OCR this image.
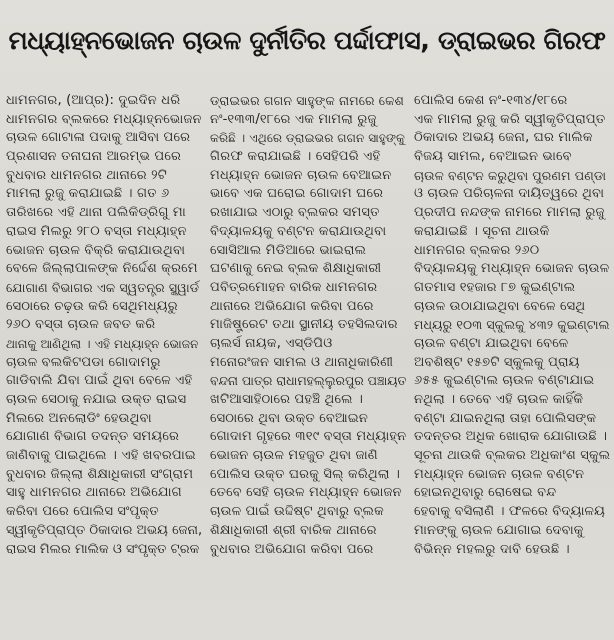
ମଧ୍ୟାହ୍ନଭୋଜନ ଚାଉଳ ଦୁର୍ନୀତିର ପର୍ଦ୍ଦାଫାସ, ଡ୍ରାଇଭର ଗିରଫ
ଧାମନଗର, (ଆପ୍ର): ଦୁଇଦିନ ଧରି
ଧାମନଗର ବ୍ଲକରେ ମଧ୍ୟାହ୍ନଭୋଜନ
ଚାଉଳ ଗୋଟାଳା ପଦାକୁ ଆସିବା ପରେ
ପ୍ରଶାସନ ତନାଘନା ଆରମ୍ଭ ପରେ
ବୁଧବାର ଧାମନଗର ଥାନାରେ ୨ଟି
ମାମଲା ରୁଜୁ କରାଯାଇଛି । ଗତ ୬
ତାରିଖରେ ଏହି ଥାନା ପଲିକିଡ୍ରିଗୁ ମା
ରାଇସ ମିଲରୁ ୨୮୦ ବସ୍ତା ମଧ୍ୟାହ୍ନ
ଭୋଜନ ଚାଉଳ ବିକ୍ରି କରାଯାଉଥିବା
ବେଳେ ଜିଲ୍ଲାପାଳଙ୍କ ନିର୍ଦ୍ଦେଶ କ୍ରମେ
ଯୋଗାଣ ବିଭାଗର ଏକ ସ୍ୱତନ୍ତ୍ର ସ୍କ୍ୱାର୍ଡ
ସେଠାରେ ଚଢ଼ଉ କରି ସେଥିମଧ୍ୟରୁ
୨୬୦ ବସ୍ତା ଚାଉଳ ଜବତ କରି
ଥାନାକୁ ଆଣିଥିଲା । ଏହି ମଧ୍ୟାହ୍ନ ଭୋଜନ
ଚାଉଳ ବଲକିଟପଡା ଗୋଦାମରୁ
ଗାଡିବାଲି ଯିବା ପାଇଁ ଥିବା ବେଳେ ଏହି
ଚାଉଳ ସେଠାକୁ ନଯାଇ ଉକ୍ତ ରାଇସ
ମିଲରେ ଅନଲୋଡିଂ ହେଉଥିବା
ଯୋଗାଣ ବିଭାଗ ତଦନ୍ତ ସମୟରେ
ଜାଣିବାକୁ ପାଇଥିଲେ । ଏହି ଖବରପାଇ
ବୁଧବାର ଜିଲ୍ଲା ଶିକ୍ଷାଧିକାରୀ ସଂଗ୍ରାମ
ସାହୁ ଧାମନଗର ଥାନାରେ ଅଭିଯୋଗ
କରିବା ପରେ ପୋଲିସ ସଂପୃକ୍ତ
ସ୍ୱୀକୃତିପ୍ରାପ୍ତ ଠିକାଦାର ଅଭୟ ଜେନା,
ରାଇସ ମିଲର ମାଲିକ ଓ ସଂପୃକ୍ତ ଟ୍ରକ
ଡ୍ରାଇଭର ଗଗନ ସାହୁଙ୍କ ନାମରେ କେଶ
ନଂ-୧୩୩/୧୮ରେ ଏକ ମାମଲା ରୁଜୁ
କରିଛି । ଏଥିରେ ଡ୍ରାଇଭର ଗଗନ ସାହୁଙ୍କୁ
ଗିରଫ କରାଯାଇଛି । ସେହିପରି ଏହି
ମଧ୍ୟାହ୍ନ ଭୋଜନ ଚାଉଳ ବେଆଇନ
ଭାବେ ଏକ ଘରୋଇ ଗୋଦାମ ଘରେ
ରଖାଯାଇ ଏଠାରୁ ବ୍ଲକର ସମସ୍ତ
ବିଦ୍ୟାଳୟକୁ ବଣ୍ଟନ କରାଯାଉଥିବା
ସୋସିଆଲ ମିଡିଆରେ ଭାଇରାଲ
ଘଟଣାକୁ ନେଇ ବ୍ଲକ ଶିକ୍ଷାଧିକାରୀ
ପବିତ୍ରମୋହନ ବାରିକ ଧାମନଗର
ଥାନାରେ ଅଭିଯୋଗ କରିବା ପରେ
ମାଜିଷ୍ଟ୍ରେଟ ତଥା ସ୍ଥାନୀୟ ତହସିଲଦାର
ଚାଲର୍ସ ନାୟକ, ଏସ୍ଡିପିଓ
ମନୋରଂଜନ ସାମଲ ଓ ଥାନାଧିକାରିଣୀ
ବନ୍ଦନା ପାତ୍ର ରାଧାମହଲ୍ଲୁରପୁର ପଞ୍ଚାୟତ
ଖଟିଆସାହିଠାରେ ପହଞ୍ଚି ଥିଲେ ।
ସେଠାରେ ଥିବା ଉକ୍ତ ବେଆଇନ
ଗୋଦାମ ଗୃହରେ ୩୧୯ ବସ୍ତା ମଧ୍ୟାହ୍ନ
ଭୋଜନ ଚାଉଳ ମହଜୁତ ଥିବା ଜାଣି
ପୋଲିସ ଉକ୍ତ ଘରକୁ ସିଲ୍ କରିଥିଲା ।
ତେବେ ସେହି ଚାଉଳ ମଧ୍ୟାହ୍ନ ଭୋଜନ
ଚାଉଳ ପାଇଁ ଉଦ୍ଦିଷ୍ଟ ଥିବାରୁ ବ୍ଲକ
ଶିକ୍ଷାଧିକାରୀ ଶ୍ରୀ ବାରିକ ଥାନାରେ
ବୁଧବାର ଅଭିଯୋଗ କରିବା ପରେ
ପୋଲିସ କେଶ ନଂ-୧୩୪/୧୮ରେ
ଏକ ମାମଲା ରୁଜୁ କରି ସ୍ୱୀକୃତିପ୍ରାପ୍ତ
ଠିକାଦାର ଅଭୟ ଜେନା, ଘର ମାଲିକ
ବିଜୟ ସାମଲ, ବେଆଇନ ଭାବେ
ଚାଉଳ ବଣ୍ଟନ କରୁଥିବା ପୁରଣମ ପଣ୍ଡା
ଓ ଚାଉଳ ପରିଚାଳନା ଦାୟିତ୍ୱରେ ଥିବା
ପ୍ରଦୀପ ନନ୍ଦଙ୍କ ନାମରେ ମାମଲା ରୁଜୁ
କରାଯାଇଛି । ସୂଚନା ଥାଉକି
ଧାମନଗର ବ୍ଲକର ୨୬୦
ବିଦ୍ୟାଳୟକୁ ମଧ୍ୟାହ୍ନ ଭୋଜନ ଚାଉଳ
ଗତମାସ ୧ହଜାର ୮୭ କୁଇଣ୍ଟାଲ
ଚାଉଳ ଉଠାଯାଇଥିବା ବେଳେ ସେଥି
ମଧ୍ୟରୁ ୧୦୩ ସ୍କୁଲକୁ ୪୩୨ କୁଇଣ୍ଟାଲ
ଚାଉଳ ବଣ୍ଟା ଯାଇଥିବା ବେଳେ
ଅବଶିଷ୍ଟ ୧୫୭ଟି ସ୍କୁଲକୁ ପ୍ରାୟ
୬୫୫ କୁଇଣ୍ଟାଲ ଚାଉଳ ବଣ୍ଟାଯାଇ
ନଥିଲା । ତେବେ ଏହି ଚାଉଳ କାହିଁକି
ବଣ୍ଟା ଯାଇନଥିଲା ତାହା ପୋଲିସଙ୍କ
ତଦନ୍ତର ଅଧିକ ଖୋରାକ ଯୋଗାଉଛି ।
ସୂଚନା ଥାଉକି ବ୍ଲକର ଅଧିକାଂଶ ସ୍କୁଲ
ମଧ୍ୟାହ୍ନ ଭୋଜନ ଚାଉଳ ବଣ୍ଟନ
ହୋଇନଥିବାରୁ ରୋଷେଇ ବନ୍ଦ
ହେବାକୁ ବସିଲାଣି । ଫଳରେ ବିଦ୍ୟାଳୟ
ମାନଙ୍କୁ ଚାଉଳ ଯୋଗାଇ ଦେବାକୁ
ବିଭିନ୍ନ ମହଲରୁ ଦାବି ହେଉଛି ।
